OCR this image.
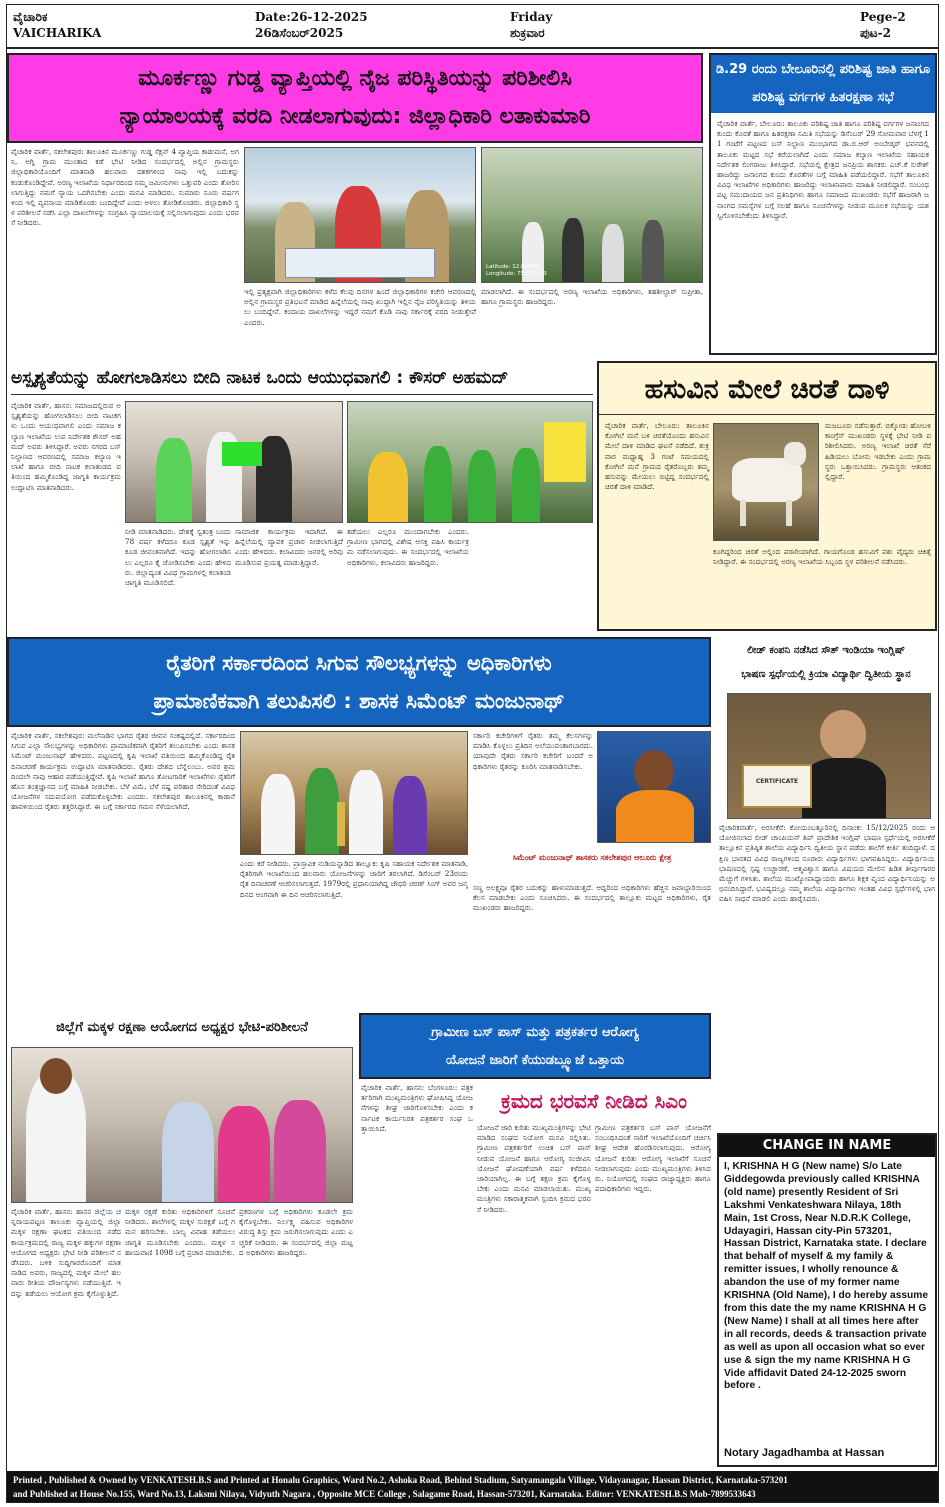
ವೈಚಾರಿಕ
VAICHARIKA
Date:26-12-2025
26ಡಿಸೆಂಬರ್2025
Friday
ಶುಕ್ರವಾರ
Pege-2
ಪುಟ-2
ಮೂರ್ಕಣ್ಣು ಗುಡ್ಡ ವ್ಯಾಪ್ತಿಯಲ್ಲಿ ನೈಜ ಪರಿಸ್ಥಿತಿಯನ್ನು ಪರಿಶೀಲಿಸಿ
ನ್ಯಾಯಾಲಯಕ್ಕೆ ವರದಿ ನೀಡಲಾಗುವುದು: ಜಿಲ್ಲಾಧಿಕಾರಿ ಲತಾಕುಮಾರಿ
ವೈಚಾರಿಕ ವಾರ್ತೆ, ಸಕಲೇಶಪುರ: ತಾಲೂಕಿನ ಮೂರ್ಕಣ್ಣು ಗುಡ್ಡ ಸೆಕ್ಷನ್ 4 ವ್ಯಾಪ್ತಿಯ ಕಾಡುಮನೆ, ಅಗನಿ, ಅಗ್ನಿ ಗ್ರಾಮ ಮುಂತಾದ ಕಡೆ ಭೇಟಿ ನೀಡಿದ ಸಂದರ್ಭದಲ್ಲಿ ಅಲ್ಲಿನ ಗ್ರಾಮಸ್ಥರು ಜಿಲ್ಲಾಧಿಕಾರಿಯೊಂದಿಗೆ ಮಾತನಾಡಿ ಹಲವಾರು ದಶಕಗಳಿಂದ ನಾವು ಇಲ್ಲಿ ಬದುಕನ್ನು ಕಂಡುಕೊಂಡಿದ್ದೇವೆ. ಅರಣ್ಯ ಇಲಾಖೆಯ ನಿರ್ಧಾರದಿಂದ ನಮ್ಮ ಜಮೀನುಗಳು ಒತ್ತುವರಿ ಎಂದು ತೋರಿಸಲಾಗುತ್ತಿದ್ದು ನಮಗೆ ನ್ಯಾಯ ಒದಗಿಸಬೇಕು ಎಂದು ಮನವಿ ಮಾಡಿದರು. ಸುಮಾರು ನೂರು ವರ್ಷಗಳಿಂದ ಇಲ್ಲಿ ವ್ಯವಸಾಯ ಮಾಡಿಕೊಂಡು ಬಂದಿದ್ದೇವೆ ಎಂದು ಅಳಲು ತೋಡಿಕೊಂಡರು. ಜಿಲ್ಲಾಧಿಕಾರಿ ಸ್ಥಳ ಪರಿಶೀಲನೆ ನಡೆಸಿ ಎಲ್ಲಾ ದಾಖಲೆಗಳನ್ನು ಸಂಗ್ರಹಿಸಿ ನ್ಯಾಯಾಲಯಕ್ಕೆ ಸಲ್ಲಿಸಲಾಗುವುದು ಎಂದು ಭರವಸೆ ನೀಡಿದರು.
Latitude: 12.86978 Longitude: 75.663853
ಇಲ್ಲಿ ಪ್ರತ್ಯಕ್ಷವಾಗಿ ಜಿಲ್ಲಾಧಿಕಾರಿಗಳು ಕಳೆದ ಕೆಲವು ದಿನಗಳ ಹಿಂದೆ ಜಿಲ್ಲಾಧಿಕಾರಿಗಳ ಕಚೇರಿ ಆವರಣದಲ್ಲಿ ಅಲ್ಲಿನ ಗ್ರಾಮಸ್ಥರ ಪ್ರತಿಭಟನೆ ಮಾಡಿದ ಹಿನ್ನೆಲೆಯಲ್ಲಿ ನಾವು ಖುದ್ದಾಗಿ ಇಲ್ಲಿನ ನೈಜ ಪರಿಸ್ಥಿತಿಯನ್ನು ತಿಳಿಯಲು ಬಂದಿದ್ದೇನೆ. ಕಂದಾಯ ದಾಖಲೆಗಳನ್ನು ಇದ್ದರೆ ನಮಗೆ ಕೊಡಿ ನಾವು ಸರ್ಕಾರಕ್ಕೆ ವರದಿ ನೀಡುತ್ತೇವೆ ಎಂದರು.
ಮಾಡಲಾಗಿದೆ. ಈ ಸಂದರ್ಭದಲ್ಲಿ ಅರಣ್ಯ ಇಲಾಖೆಯ ಅಧಿಕಾರಿಗಳು, ತಹಶೀಲ್ದಾರ್ ಸುಪ್ರೀತಾ, ಹಾಗೂ ಗ್ರಾಮಸ್ಥರು ಹಾಜರಿದ್ದರು.
ಡಿ.29 ರಂದು ಬೇಲೂರಿನಲ್ಲಿ ಪರಿಶಿಷ್ಟ ಜಾತಿ ಹಾಗೂ ಪರಿಶಿಷ್ಟ ವರ್ಗಗಳ ಹಿತರಕ್ಷಣಾ ಸಭೆ
ವೈಚಾರಿಕ ವಾರ್ತೆ, ಬೇಲೂರು: ತಾಲೂಕು ಪರಿಶಿಷ್ಟ ಜಾತಿ ಹಾಗೂ ಪರಿಶಿಷ್ಟ ವರ್ಗಗಳ ಜನಾಂಗದ ಕುಂದು ಕೊರತೆ ಹಾಗೂ ಹಿತರಕ್ಷಣಾ ಸಮಿತಿ ಸಭೆಯನ್ನು ಡಿಸೆಂಬರ್ 29 ಸೋಮವಾರ ಬೆಳಗ್ಗೆ 11 ಗಂಟೆಗೆ ಪಟ್ಟಣದ ಬಸ್ ನಿಲ್ದಾಣ ಮುಂಭಾಗದ ಡಾ.ಬಿ.ಆರ್ ಅಂಬೇಡ್ಕರ್ ಭವನದಲ್ಲಿ ತಾಲೂಕು ಮಟ್ಟದ ಸಭೆ ಕರೆಯಲಾಗಿದೆ ಎಂದು ಸಮಾಜ ಕಲ್ಯಾಣ ಇಲಾಖೆಯ ಸಹಾಯಕ ನಿರ್ದೇಶಕ ಲಿಂಗರಾಜು ತಿಳಿಸಿದ್ದಾರೆ. ಸಭೆಯಲ್ಲಿ ಕ್ಷೇತ್ರದ ಜನಪ್ರಿಯ ಶಾಸಕರು ಎಚ್.ಕೆ ಸುರೇಶ್ ಹಾಜರಿದ್ದು ಜನಾಂಗದ ಕುಂದು ಕೊರತೆಗಳ ಬಗ್ಗೆ ಮಾಹಿತಿ ಪಡೆಯಲಿದ್ದಾರೆ. ಸಭೆಗೆ ತಾಲೂಕಿನ ವಿವಿಧ ಇಲಾಖೆಗಳ ಅಧಿಕಾರಿಗಳು ಹಾಜರಿದ್ದು ಇಲಾಖಾವಾರು ಮಾಹಿತಿ ನೀಡಲಿದ್ದಾರೆ. ಸಂಬಂಧಪಟ್ಟ ಸಮುದಾಯದ ಜನ ಪ್ರತಿನಿಧಿಗಳು ಹಾಗೂ ಸಮಾಜದ ಮುಖಂಡರು ಸಭೆಗೆ ಹಾಜರಾಗಿ ಜನಾಂಗದ ಸಮಸ್ಯೆಗಳ ಬಗ್ಗೆ ಸಲಹೆ ಹಾಗೂ ಸೂಚನೆಗಳನ್ನು ನೀಡುವ ಮೂಲಕ ಸಭೆಯನ್ನು ಯಶಸ್ವಿಗೊಳಿಸಬೇಕೆಂದು ತಿಳಿಸಿದ್ದಾರೆ.
ಅಸ್ಪೃಶ್ಯತೆಯನ್ನು ಹೋಗಲಾಡಿಸಲು ಬೀದಿ ನಾಟಕ ಒಂದು ಆಯುಧವಾಗಲಿ : ಕೌಸರ್ ಅಹಮದ್
ವೈಚಾರಿಕ ವಾರ್ತೆ, ಹಾಸನ: ಸಮಾಜದಲ್ಲಿರುವ ಅಸ್ಪೃಶ್ಯತೆಯನ್ನು ಹೋಗಲಾಡಿಸಲು ಬೀದಿ ನಾಟಕಗಳು ಒಂದು ಆಯುಧವಾಗಲಿ ಎಂದು ಸಮಾಜ ಕಲ್ಯಾಣ ಇಲಾಖೆಯ ಉಪ ನಿರ್ದೇಶಕ ಕೌಸರ್ ಅಹಮದ್ ಅವರು ತಿಳಿಸಿದ್ದಾರೆ. ಅವರು ನಗರದ ಬಸ್ ನಿಲ್ದಾಣದ ಆವರಣದಲ್ಲಿ ಸಮಾಜ ಕಲ್ಯಾಣ ಇಲಾಖೆ ಹಾಗೂ ಬೀದಿ ನಾಟಕ ಕಲಾತಂಡದ ವತಿಯಿಂದ ಹಮ್ಮಿಕೊಂಡಿದ್ದ ಜಾಗೃತಿ ಕಾರ್ಯಕ್ರಮ ಉದ್ಘಾಟಿಸಿ ಮಾತನಾಡಿದರು.
ನೀಡಿ ಮಾತನಾಡಿದರು. ದೇಶಕ್ಕೆ ಸ್ವತಂತ್ರ ಬಂದು 78 ವರ್ಷ ಕಳೆದರೂ ಕೂಡ ಸ್ಪೃಶ್ಯತೆ ಇನ್ನು ಕೂಡ ಜೀವಂತವಾಗಿದೆ. ಇದನ್ನು ಹೋಗಲಾಡಿಸಲು ಎಲ್ಲರೂ ಕೈ ಜೋಡಿಸಬೇಕು ಎಂದು ಹೇಳಿದರು. ಜಿಲ್ಲಾದ್ಯಂತ ವಿವಿಧ ಗ್ರಾಮಗಳಲ್ಲಿ ಕಲಾತಂಡ ಜಾಗೃತಿ ಮೂಡಿಸಲಿದೆ.
ಸಾಮಾಜಿಕ ಕಾರ್ಯಕ್ರಮ ಇದಾಗಿದೆ. ಈ ಹಿನ್ನೆಲೆಯಲ್ಲಿ ವ್ಯಾಪಕ ಪ್ರಚಾರ ನೀಡಲಾಗುತ್ತಿದೆ ಎಂದು ಹೇಳಿದರು. ಕಲಾವಿದರು ಜನರಲ್ಲಿ ಅರಿವು ಮೂಡಿಸುವ ಪ್ರಯತ್ನ ಮಾಡುತ್ತಿದ್ದಾರೆ.
ತಡೆಯಲು ಎಲ್ಲರೂ ಮುಂದಾಗಬೇಕು ಎಂದರು. ಗ್ರಾಮೀಣ ಭಾಗದಲ್ಲಿ ವಿಶೇಷ ಆಸಕ್ತಿ ವಹಿಸಿ ಕಾರ್ಯಕ್ರಮ ನಡೆಸಲಾಗುವುದು. ಈ ಸಂದರ್ಭದಲ್ಲಿ ಇಲಾಖೆಯ ಅಧಿಕಾರಿಗಳು, ಕಲಾವಿದರು ಹಾಜರಿದ್ದರು.
ಹಸುವಿನ ಮೇಲೆ ಚಿರತೆ ದಾಳಿ
ವೈಚಾರಿಕ ವಾರ್ತೆ, ಬೇಲೂರು: ತಾಲೂಕಿನ ಕೋಗಿಲೆ ಮನೆ ಬಳಿ ಚಿರತೆಯೊಂದು ಹಸುವಿನ ಮೇಲೆ ದಾಳಿ ಮಾಡಿದ ಘಟನೆ ನಡೆದಿದೆ. ಶುಕ್ರವಾರ ಮಧ್ಯಾಹ್ನ 3 ಗಂಟೆ ಸಮಯದಲ್ಲಿ ಕೋಗಿಲೆ ಮನೆ ಗ್ರಾಮದ ರೈತರೊಬ್ಬರು ತಮ್ಮ ಹಸುವನ್ನು ಮೇಯಲು ಬಿಟ್ಟಿದ್ದ ಸಂದರ್ಭದಲ್ಲಿ ಚಿರತೆ ದಾಳಿ ಮಾಡಿದೆ.
ಮಜಬೂರು ನಡೆಸುತ್ತಾರೆ. ಬಿಕ್ಕೋಡು ಹೋಬಳಿ ಕಾಂಗ್ರೆಸ್ ಮುಖಂಡರು ಸ್ಥಳಕ್ಕೆ ಭೇಟಿ ನೀಡಿ ಪರಿಶೀಲಿಸಿದರು. ಅರಣ್ಯ ಇಲಾಖೆ ಚಿರತೆ ಸೆರೆ ಹಿಡಿಯಲು ಬೋನು ಇಡಬೇಕು ಎಂದು ಗ್ರಾಮಸ್ಥರು ಒತ್ತಾಯಿಸಿದರು. ಗ್ರಾಮಸ್ಥರು ಆತಂಕದಲ್ಲಿದ್ದಾರೆ.
ಕೂಗಿದ್ದರಿಂದ ಚಿರತೆ ಅಲ್ಲಿಂದ ಪರಾರಿಯಾಗಿದೆ. ಗಾಯಗೊಂಡ ಹಸುವಿಗೆ ಪಶು ವೈದ್ಯರು ಚಿಕಿತ್ಸೆ ನೀಡಿದ್ದಾರೆ. ಈ ಸಂದರ್ಭದಲ್ಲಿ ಅರಣ್ಯ ಇಲಾಖೆಯ ಸಿಬ್ಬಂದಿ ಸ್ಥಳ ಪರಿಶೀಲನೆ ನಡೆಸಿದರು.
ರೈತರಿಗೆ ಸರ್ಕಾರದಿಂದ ಸಿಗುವ ಸೌಲಭ್ಯಗಳನ್ನು ಅಧಿಕಾರಿಗಳು
ಪ್ರಾಮಾಣಿಕವಾಗಿ ತಲುಪಿಸಲಿ : ಶಾಸಕ ಸಿಮೆಂಟ್ ಮಂಜುನಾಥ್
ವೈಚಾರಿಕ ವಾರ್ತೆ, ಸಕಲೇಶಪುರ: ಮಲೆನಾಡಿನ ಭಾಗದ ರೈತರ ಜೀವನ ಸಂಕಷ್ಟದಲ್ಲಿದೆ. ಸರ್ಕಾರದಿಂದ ಸಿಗುವ ಎಲ್ಲಾ ಸೌಲಭ್ಯಗಳನ್ನು ಅಧಿಕಾರಿಗಳು ಪ್ರಾಮಾಣಿಕವಾಗಿ ರೈತರಿಗೆ ತಲುಪಿಸಬೇಕು ಎಂದು ಶಾಸಕ ಸಿಮೆಂಟ್ ಮಂಜುನಾಥ್ ಹೇಳಿದರು. ಪಟ್ಟಣದಲ್ಲಿ ಕೃಷಿ ಇಲಾಖೆ ವತಿಯಿಂದ ಹಮ್ಮಿಕೊಂಡಿದ್ದ ರೈತ ದಿನಾಚರಣೆ ಕಾರ್ಯಕ್ರಮ ಉದ್ಘಾಟಿಸಿ ಮಾತನಾಡಿದರು. ರೈತರು ದೇಶದ ಬೆನ್ನೆಲುಬು. ಅವರ ಶ್ರಮದಿಂದಲೇ ನಾವು ಆಹಾರ ಪಡೆಯುತ್ತಿದ್ದೇವೆ. ಕೃಷಿ ಇಲಾಖೆ ಹಾಗೂ ತೋಟಗಾರಿಕೆ ಇಲಾಖೆಗಳು ರೈತರಿಗೆ ಹೊಸ ತಂತ್ರಜ್ಞಾನದ ಬಗ್ಗೆ ಮಾಹಿತಿ ನೀಡಬೇಕು. ಬೆಳೆ ವಿಮೆ, ಬೆಳೆ ನಷ್ಟ ಪರಿಹಾರ ಸೇರಿದಂತೆ ವಿವಿಧ ಯೋಜನೆಗಳ ಸದುಪಯೋಗ ಪಡೆದುಕೊಳ್ಳಬೇಕು ಎಂದರು. ಸಕಲೇಶಪುರ ತಾಲೂಕಿನಲ್ಲಿ ಕಾಡಾನೆ ಹಾವಳಿಯಿಂದ ರೈತರು ತತ್ತರಿಸಿದ್ದಾರೆ. ಈ ಬಗ್ಗೆ ಸರ್ಕಾರದ ಗಮನ ಸೆಳೆಯಲಾಗಿದೆ.
ಎಂದು ಕರೆ ನೀಡಿದರು. ಪ್ರಾಸ್ತಾವಿಕ ನುಡಿಯನ್ನಾಡಿದ ತಾಲ್ಲೂಕು ಕೃಷಿ ಸಹಾಯಕ ನಿರ್ದೇಶಕ ಮಾತನಾಡಿ, ರೈತರಿಗಾಗಿ ಇಲಾಖೆಯಿಂದ ಹಲವಾರು ಯೋಜನೆಗಳನ್ನು ಜಾರಿಗೆ ತರಲಾಗಿದೆ. ಡಿಸೆಂಬರ್ 23ರಂದು ರೈತ ದಿನಾಚರಣೆ ಆಚರಿಸಲಾಗುತ್ತದೆ. 1979ರಲ್ಲಿ ಪ್ರಧಾನಿಯಾಗಿದ್ದ ಚೌಧರಿ ಚರಣ್ ಸಿಂಗ್ ಅವರ ಜನ್ಮದಿನದ ಅಂಗವಾಗಿ ಈ ದಿನ ಆಚರಿಸಲಾಗುತ್ತಿದೆ.
ಸರ್ಕಾರಿ ಕಚೇರಿಗಳಿಗೆ ರೈತರು ತಮ್ಮ ಕೆಲಸಗಳನ್ನು ಮಾಡಿಸಿ ಕೊಳ್ಳಲು ಪ್ರತಿದಿನ ಅಲೆಯುವಂತಾಗಬಾರದು. ಯಾವುದೇ ರೈತರು ಸರ್ಕಾರಿ ಕಚೇರಿಗೆ ಬಂದರೆ ಅಧಿಕಾರಿಗಳು ರೈತರನ್ನು ಕೂರಿಸಿ ಮಾತನಾಡಿಸಬೇಕು.
ಸಿಮೆಂಟ್ ಮಂಜುನಾಥ್ ಶಾಸಕರು ಸಕಲೇಶಪುರ ಆಲೂರು ಕ್ಷೇತ್ರ
ಸಣ್ಣ ಅಲಕ್ಷ್ಯವೂ ರೈತರ ಬದುಕನ್ನು ಹಾಳುಮಾಡುತ್ತದೆ. ಆದ್ದರಿಂದ ಅಧಿಕಾರಿಗಳು ಹೆಚ್ಚಿನ ಜವಾಬ್ದಾರಿಯಿಂದ ಕೆಲಸ ಮಾಡಬೇಕು ಎಂದು ಸೂಚಿಸಿದರು. ಈ ಸಂದರ್ಭದಲ್ಲಿ ತಾಲ್ಲೂಕು ಮಟ್ಟದ ಅಧಿಕಾರಿಗಳು, ರೈತ ಮುಖಂಡರು ಹಾಜರಿದ್ದರು.
ಲೀಡ್ ಕಂಪನಿ ನಡೆಸಿದ ಸೌತ್ ಇಂಡಿಯಾ ಇಂಗ್ಲಿಷ್
ಭಾಷಣ ಸ್ಪರ್ಧೆಯಲ್ಲಿ ಕ್ರಿಯಾ ವಿದ್ಯಾರ್ಥಿ ದ್ವಿತೀಯ ಸ್ಥಾನ
CERTIFICATE
ವೈಚಾರಿಕವಾರ್ತೆ, ಅರಸೀಕೆರೆ: ಕೋಯಂಬತ್ತೂರಿನಲ್ಲಿ ದಿನಾಂಕ: 15/12/2025 ರಂದು ಆಯೋಜಿಸಲಾದ ಲೀಡ್ ಚಾಂಪಿಯನ್ ಶಿಪ್ ಪ್ರಾದೇಶಿಕ ಇಂಗ್ಲಿಷ್ ಭಾಷಣ ಸ್ಪರ್ಧೆಯಲ್ಲಿ ಅರಸೀಕೆರೆ ತಾಲ್ಲೂಕಿನ ಪ್ರತಿಷ್ಠಿತ ಶಾಲೆಯ ವಿದ್ಯಾರ್ಥಿನಿ ದ್ವಿತೀಯ ಸ್ಥಾನ ಪಡೆದು ಶಾಲೆಗೆ ಕೀರ್ತಿ ತಂದಿದ್ದಾಳೆ. ದಕ್ಷಿಣ ಭಾರತದ ವಿವಿಧ ರಾಜ್ಯಗಳಿಂದ ನೂರಾರು ವಿದ್ಯಾರ್ಥಿಗಳು ಭಾಗವಹಿಸಿದ್ದರು. ವಿದ್ಯಾರ್ಥಿನಿಯ ಭಾಷಣದಲ್ಲಿ ಸ್ಪಷ್ಟ ಉಚ್ಚಾರಣೆ, ಆತ್ಮವಿಶ್ವಾಸ ಹಾಗೂ ವಿಷಯದ ಮೇಲಿನ ಹಿಡಿತ ತೀರ್ಪುಗಾರರ ಮೆಚ್ಚುಗೆ ಗಳಿಸಿತು. ಶಾಲೆಯ ಮುಖ್ಯೋಪಾಧ್ಯಾಯರು ಹಾಗೂ ಶಿಕ್ಷಕ ವೃಂದ ವಿದ್ಯಾರ್ಥಿನಿಯನ್ನು ಅಭಿನಂದಿಸಿದ್ದಾರೆ. ಭವಿಷ್ಯದಲ್ಲೂ ನಮ್ಮ ಶಾಲೆಯ ವಿದ್ಯಾರ್ಥಿಗಳು ಇಂತಹ ವಿವಿಧ ಸ್ಪರ್ಧೆಗಳಲ್ಲಿ ಭಾಗವಹಿಸಿ ಸಾಧನೆ ಮಾಡಲಿ ಎಂದು ಹಾರೈಸಿದರು.
ಜಿಲ್ಲೆಗೆ ಮಕ್ಕಳ ರಕ್ಷಣಾ ಆಯೋಗದ ಅಧ್ಯಕ್ಷರ ಭೇಟಿ-ಪರಿಶೀಲನೆ
ವೈಚಾರಿಕ ವಾರ್ತೆ, ಹಾಸನ: ಹಾಸನ ಜಿಲ್ಲೆಯ ಚನ್ನರಾಯಪಟ್ಟಣ ತಾಲೂಕು ವ್ಯಾಪ್ತಿಯಲ್ಲಿ ಜಿಲ್ಲಾ ಮಕ್ಕಳ ರಕ್ಷಣಾ ಘಟಕದ ವತಿಯಿಂದ ನಡೆದ ಕಾರ್ಯಕ್ರಮದಲ್ಲಿ ರಾಜ್ಯ ಮಕ್ಕಳ ಹಕ್ಕುಗಳ ರಕ್ಷಣಾ ಆಯೋಗದ ಅಧ್ಯಕ್ಷರು ಭೇಟಿ ನೀಡಿ ಪರಿಶೀಲನೆ ನಡೆಸಿದರು. ಬಳಿಕ ಸುದ್ದಿಗಾರರೊಂದಿಗೆ ಮಾತನಾಡಿದ ಅವರು, ರಾಜ್ಯದಲ್ಲಿ ಮಕ್ಕಳ ಮೇಲೆ ಹಲವಾರು ರೀತಿಯ ದೌರ್ಜನ್ಯಗಳು ನಡೆಯುತ್ತಿವೆ. ಇದನ್ನು ತಡೆಯಲು ಆಯೋಗ ಕ್ರಮ ಕೈಗೊಳ್ಳುತ್ತಿದೆ.
ಮಕ್ಕಳ ರಕ್ಷಣೆ ಕುರಿತು ಅಧಿಕಾರಿಗಳಿಗೆ ಸೂಚನೆ ನೀಡಿದರು. ಶಾಲೆಗಳಲ್ಲಿ ಮಕ್ಕಳ ಸುರಕ್ಷತೆ ಬಗ್ಗೆ ಗಮನ ಹರಿಸಬೇಕು. ಬಾಲ್ಯ ವಿವಾಹ ತಡೆಯಲು ಜಾಗೃತಿ ಮೂಡಿಸಬೇಕು ಎಂದರು. ಮಕ್ಕಳ ಸಹಾಯವಾಣಿ 1098 ಬಗ್ಗೆ ಪ್ರಚಾರ ಮಾಡಬೇಕು.
ಪ್ರಕರಣಗಳ ಬಗ್ಗೆ ಅಧಿಕಾರಿಗಳು ಕೂಡಲೇ ಕ್ರಮ ಕೈಗೊಳ್ಳಬೇಕು. ನಿರ್ಲಕ್ಷ್ಯ ವಹಿಸುವ ಅಧಿಕಾರಿಗಳ ವಿರುದ್ಧ ಶಿಸ್ತು ಕ್ರಮ ಜರುಗಿಸಲಾಗುವುದು ಎಂದು ಎಚ್ಚರಿಕೆ ನೀಡಿದರು. ಈ ಸಂದರ್ಭದಲ್ಲಿ ಜಿಲ್ಲಾ ಮಟ್ಟದ ಅಧಿಕಾರಿಗಳು ಹಾಜರಿದ್ದರು.
ಗ್ರಾಮೀಣ ಬಸ್ ಪಾಸ್ ಮತ್ತು ಪತ್ರಕರ್ತರ ಆರೋಗ್ಯ
ಯೋಜನೆ ಜಾರಿಗೆ ಕೆಯುಡಬ್ಲ್ಯೂಜೆ ಒತ್ತಾಯ
ವೈಚಾರಿಕ ವಾರ್ತೆ, ಹಾಸನ: ಬೆಂಗಳೂರು: ಪತ್ರಕರ್ತರಿಗಾಗಿ ಮುಖ್ಯಮಂತ್ರಿಗಳು ಘೋಷಿಸಿದ್ದ ಯೋಜನೆಗಳನ್ನು ಶೀಘ್ರ ಜಾರಿಗೊಳಿಸಬೇಕು ಎಂದು ಕರ್ನಾಟಕ ಕಾರ್ಯನಿರತ ಪತ್ರಕರ್ತರ ಸಂಘ ಒತ್ತಾಯಿಸಿದೆ.
ಕ್ರಮದ ಭರವಸೆ ನೀಡಿದ ಸಿಎಂ
ಯೋಜನೆ ಜಾರಿ ಕುರಿತು ಮುಖ್ಯಮಂತ್ರಿಗಳನ್ನು ಭೇಟಿ ಮಾಡಿದ ಸಂಘದ ನಿಯೋಗ ಮನವಿ ಸಲ್ಲಿಸಿತು. ಗ್ರಾಮೀಣ ಪತ್ರಕರ್ತರಿಗೆ ಉಚಿತ ಬಸ್ ಪಾಸ್ ನೀಡುವ ಯೋಜನೆ ಹಾಗೂ ಆರೋಗ್ಯ ಸಂಜೀವಿನಿ ಯೋಜನೆ ಘೋಷಣೆಯಾಗಿ ವರ್ಷ ಕಳೆದರೂ ಜಾರಿಯಾಗಿಲ್ಲ. ಈ ಬಗ್ಗೆ ತಕ್ಷಣ ಕ್ರಮ ಕೈಗೊಳ್ಳಬೇಕು ಎಂದು ಮನವಿ ಮಾಡಲಾಯಿತು. ಮುಖ್ಯಮಂತ್ರಿಗಳು ಸಕಾರಾತ್ಮಕವಾಗಿ ಸ್ಪಂದಿಸಿ ಕ್ರಮದ ಭರವಸೆ ನೀಡಿದರು.
ಗ್ರಾಮೀಣ ಪತ್ರಕರ್ತರ ಬಸ್ ಪಾಸ್ ಯೋಜನೆಗೆ ಸಂಬಂಧಿಸಿದಂತೆ ಸಾರಿಗೆ ಇಲಾಖೆಯೊಂದಿಗೆ ಚರ್ಚಿಸಿ ಶೀಘ್ರ ಆದೇಶ ಹೊರಡಿಸಲಾಗುವುದು. ಆರೋಗ್ಯ ಯೋಜನೆ ಕುರಿತು ಆರೋಗ್ಯ ಇಲಾಖೆಗೆ ಸೂಚನೆ ನೀಡಲಾಗುವುದು ಎಂದು ಮುಖ್ಯಮಂತ್ರಿಗಳು ತಿಳಿಸಿದರು. ನಿಯೋಗದಲ್ಲಿ ಸಂಘದ ರಾಜ್ಯಾಧ್ಯಕ್ಷರು ಹಾಗೂ ಪದಾಧಿಕಾರಿಗಳು ಇದ್ದರು.
CHANGE IN NAME
I, KRISHNA H G (New name) S/o Late Giddegowda previously called KRISHNA (old name) presently Resident of Sri Lakshmi Venkateshwara Nilaya, 18th Main, 1st Cross, Near N.D.R.K College, Udayagiri, Hassan city-Pin 573201, Hassan District, Karnataka state. I declare that behalf of myself & my family & remitter issues, I wholly renounce & abandon the use of my former name KRISHNA (Old Name), I do hereby assume from this date the my name KRISHNA H G (New Name) I shall at all times here after in all records, deeds & transaction private as well as upon all occasion what so ever use & sign the my name KRISHNA H G Vide affidavit Dated 24-12-2025 sworn before .
Notary Jagadhamba at Hassan
Printed , Published & Owned by VENKATESH.B.S and Printed at Honalu Graphics, Ward No.2, Ashoka Road, Behind Stadium, Satyamangala Village, Vidayanagar, Hassan District, Karnataka-573201
and Published at House No.155, Ward No.13, Laksmi Nilaya, Vidyuth Nagara , Opposite MCE College , Salagame Road, Hassan-573201, Karnataka. Editor: VENKATESH.B.S Mob-7899533643
